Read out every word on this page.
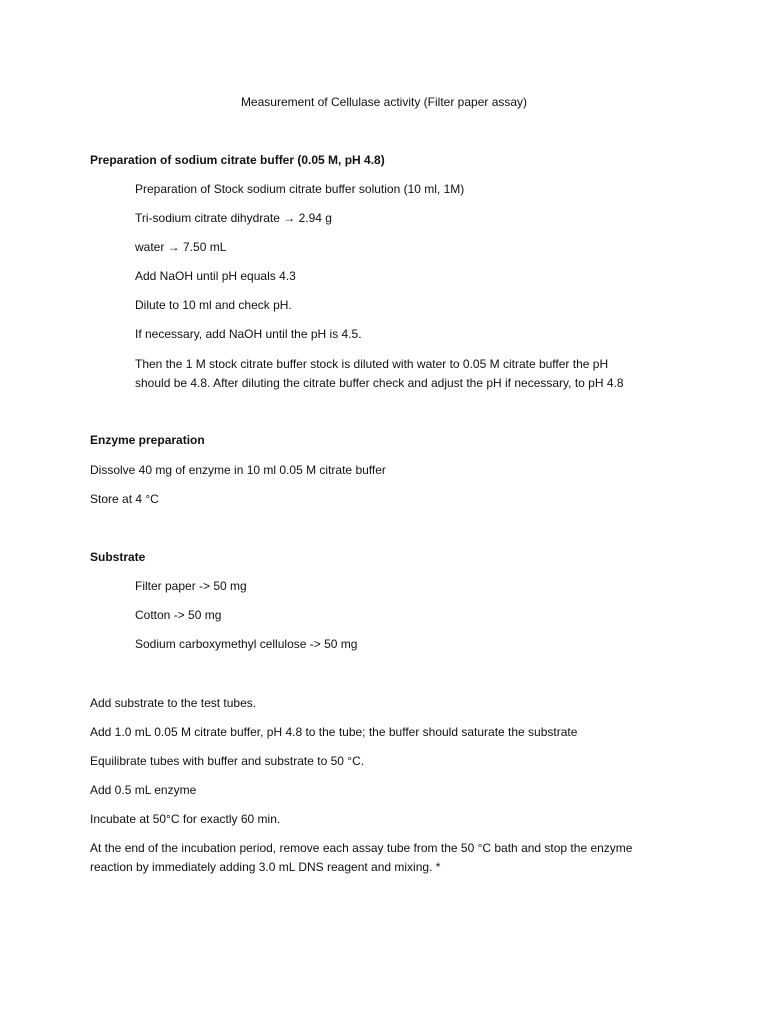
Measurement of Cellulase activity (Filter paper assay)
Preparation of sodium citrate buffer (0.05 M, pH 4.8)
Preparation of Stock sodium citrate buffer solution (10 ml, 1M)
Tri-sodium citrate dihydrate → 2.94 g
water → 7.50 mL
Add NaOH until pH equals 4.3
Dilute to 10 ml and check pH.
If necessary, add NaOH until the pH is 4.5.
Then the 1 M stock citrate buffer stock is diluted with water to 0.05 M citrate buffer the pH
should be 4.8. After diluting the citrate buffer check and adjust the pH if necessary, to pH 4.8
Enzyme preparation
Dissolve 40 mg of enzyme in 10 ml 0.05 M citrate buffer
Store at 4 °C
Substrate
Filter paper -> 50 mg
Cotton -> 50 mg
Sodium carboxymethyl cellulose -> 50 mg
Add substrate to the test tubes.
Add 1.0 mL 0.05 M citrate buffer, pH 4.8 to the tube; the buffer should saturate the substrate
Equilibrate tubes with buffer and substrate to 50 °C.
Add 0.5 mL enzyme
Incubate at 50°C for exactly 60 min.
At the end of the incubation period, remove each assay tube from the 50 °C bath and stop the enzyme
reaction by immediately adding 3.0 mL DNS reagent and mixing. *
